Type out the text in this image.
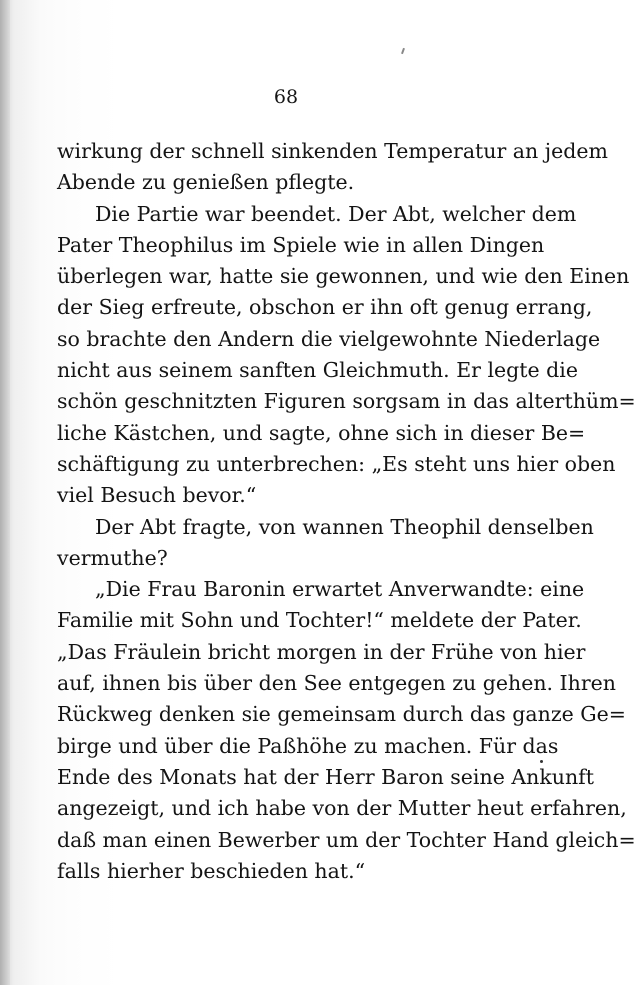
68
wirkung der schnell sinkenden Temperatur an jedem
Abende zu genießen pflegte.
Die Partie war beendet. Der Abt, welcher dem
Pater Theophilus im Spiele wie in allen Dingen
überlegen war, hatte sie gewonnen, und wie den Einen
der Sieg erfreute, obschon er ihn oft genug errang,
so brachte den Andern die vielgewohnte Niederlage
nicht aus seinem sanften Gleichmuth. Er legte die
schön geschnitzten Figuren sorgsam in das alterthüm=
liche Kästchen, und sagte, ohne sich in dieser Be=
schäftigung zu unterbrechen: „Es steht uns hier oben
viel Besuch bevor.“
Der Abt fragte, von wannen Theophil denselben
vermuthe?
„Die Frau Baronin erwartet Anverwandte: eine
Familie mit Sohn und Tochter!“ meldete der Pater.
„Das Fräulein bricht morgen in der Frühe von hier
auf, ihnen bis über den See entgegen zu gehen. Ihren
Rückweg denken sie gemeinsam durch das ganze Ge=
birge und über die Paßhöhe zu machen. Für das
Ende des Monats hat der Herr Baron seine Ankunft
angezeigt, und ich habe von der Mutter heut erfahren,
daß man einen Bewerber um der Tochter Hand gleich=
falls hierher beschieden hat.“
